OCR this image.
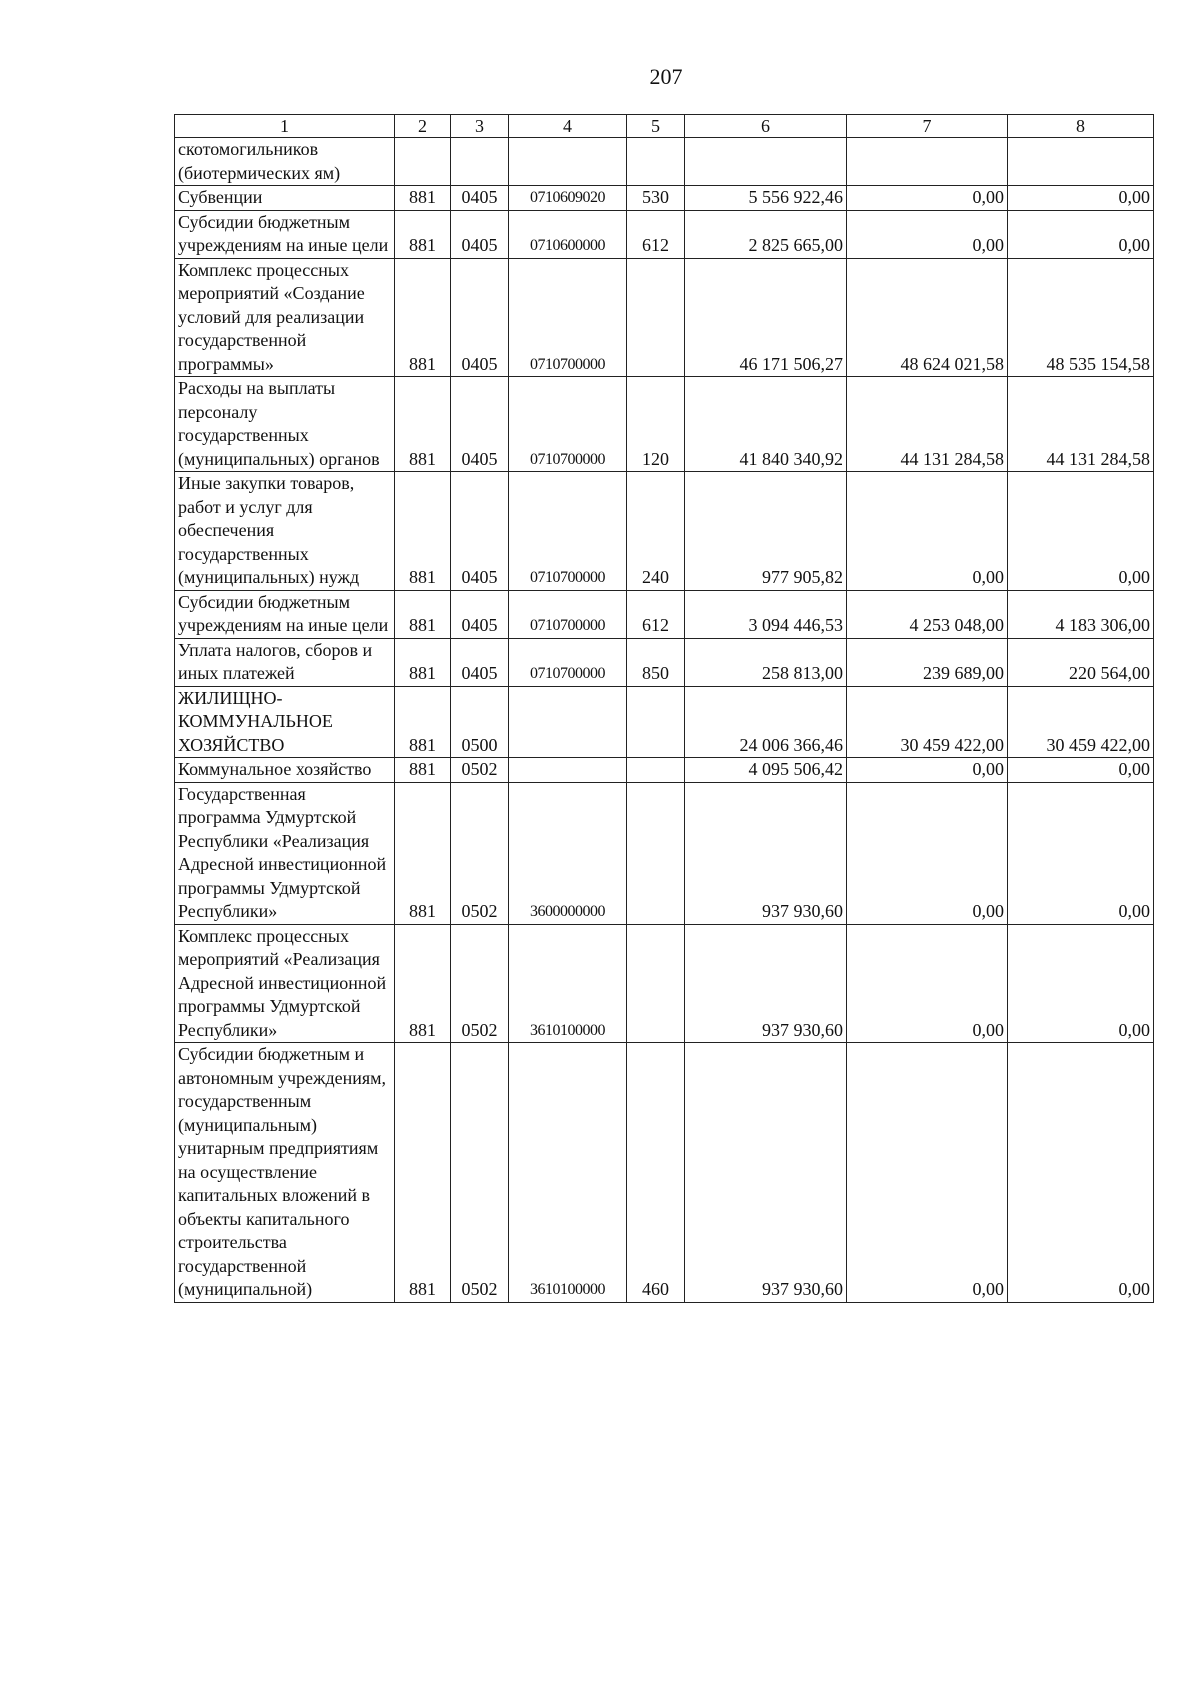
207
1	2	3	4	5	6	7	8
скотомогильников (биотермических ям)							
Субвенции	881	0405	0710609020	530	5 556 922,46	0,00	0,00
Субсидии бюджетным учреждениям на иные цели	881	0405	0710600000	612	2 825 665,00	0,00	0,00
Комплекс процессных мероприятий «Создание условий для реализации государственной программы»	881	0405	0710700000		46 171 506,27	48 624 021,58	48 535 154,58
Расходы на выплаты персоналу государственных (муниципальных) органов	881	0405	0710700000	120	41 840 340,92	44 131 284,58	44 131 284,58
Иные закупки товаров, работ и услуг для обеспечения государственных (муниципальных) нужд	881	0405	0710700000	240	977 905,82	0,00	0,00
Субсидии бюджетным учреждениям на иные цели	881	0405	0710700000	612	3 094 446,53	4 253 048,00	4 183 306,00
Уплата налогов, сборов и иных платежей	881	0405	0710700000	850	258 813,00	239 689,00	220 564,00
ЖИЛИЩНО-КОММУНАЛЬНОЕ ХОЗЯЙСТВО	881	0500			24 006 366,46	30 459 422,00	30 459 422,00
Коммунальное хозяйство	881	0502			4 095 506,42	0,00	0,00
Государственная программа Удмуртской Республики «Реализация Адресной инвестиционной программы Удмуртской Республики»	881	0502	3600000000		937 930,60	0,00	0,00
Комплекс процессных мероприятий «Реализация Адресной инвестиционной программы Удмуртской Республики»	881	0502	3610100000		937 930,60	0,00	0,00
Субсидии бюджетным и автономным учреждениям, государственным (муниципальным) унитарным предприятиям на осуществление капитальных вложений в объекты капитального строительства государственной (муниципальной)	881	0502	3610100000	460	937 930,60	0,00	0,00
